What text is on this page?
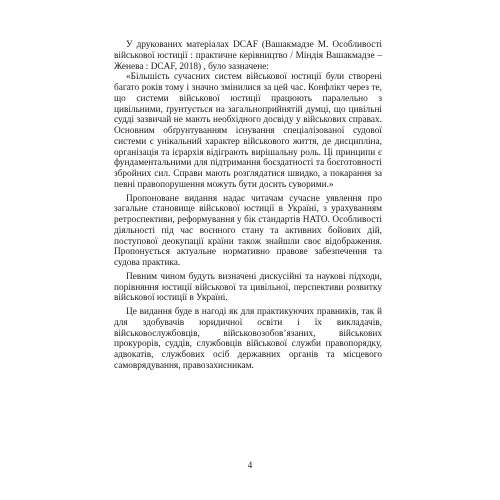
У друкованих матеріалах DCAF (Вашакмадзе М. Особливості військової юстиції : практичне керівництво / Міндія Вашакмадзе – Женева : DCAF, 2018) , було зазначене:

«Більшість сучасних систем військової юстиції були створені багато років тому і значно змінилися за цей час. Конфлікт через те, що системи військової юстиції працюють паралельно з цивільними, ґрунтується на загальноприйнятій думці, що цивільні судді зазвичай не мають необхідного досвіду у військових справах. Основним обґрунтуванням існування спеціалізованої судової системи є унікальний характер військового життя, де дисципліна, організація та ієрархія відіграють вирішальну роль. Ці принципи є фундаментальними для підтримання боєздатності та боєготовності збройних сил. Справи мають розглядатися швидко, а покарання за певні правопорушення можуть бути досить суворими.»

Пропоноване видання надає читачам сучасне уявлення про загальне становище військової юстиції в Україні, з урахуванням ретроспективи, реформування у бік стандартів НАТО. Особливості діяльності під час воєнного стану та активних бойових дій, поступової деокупації країни також знайшли своє відображення. Пропонується актуальне нормативно правове забезпечення та судова практика.

Певним чином будуть визначені дискусійні та наукові підходи, порівняння юстиції військової та цивільної, перспективи розвитку військової юстиції в Україні.

Це видання буде в нагоді як для практикуючих правників, так й для здобувачів юридичної освіти і їх викладачів, військовослужбовців, військовозобов’язаних, військових прокурорів, суддів, службовців військової служби правопорядку, адвокатів, службових осіб державних органів та місцевого самоврядування, правозахисникам.

4
